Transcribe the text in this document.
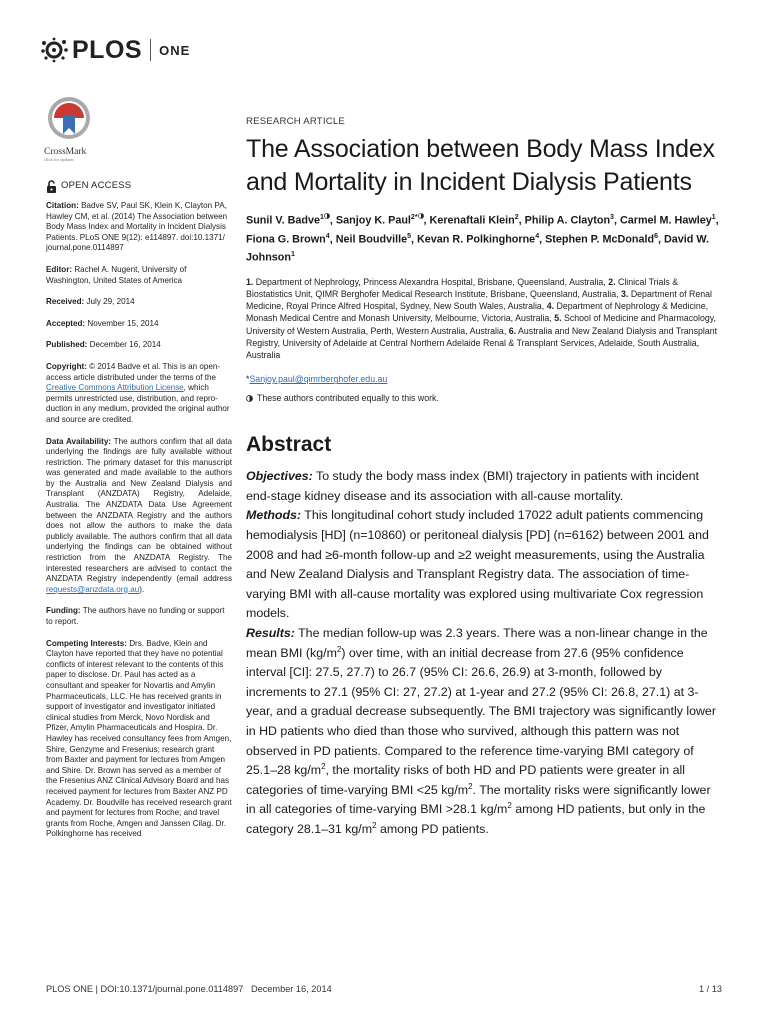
PLOS ONE
CrossMark
click for updates
OPEN ACCESS
Citation: Badve SV, Paul SK, Klein K, Clayton PA, Hawley CM, et al. (2014) The Association between Body Mass Index and Mortality in Incident Dialysis Patients. PLoS ONE 9(12): e114897. doi:10.1371/ journal.pone.0114897
Editor: Rachel A. Nugent, University of Washington, United States of America
Received: July 29, 2014
Accepted: November 15, 2014
Published: December 16, 2014
Copyright: © 2014 Badve et al. This is an open-access article distributed under the terms of the Creative Commons Attribution License, which permits unrestricted use, distribution, and repro- duction in any medium, provided the original author and source are credited.
Data Availability: The authors confirm that all data underlying the findings are fully available without restriction. The primary dataset for this manuscript was generated and made available to the authors by the Australia and New Zealand Dialysis and Transplant (ANZDATA) Registry, Adelaide, Australia. The ANZDATA Data Use Agreement between the ANZDATA Registry and the authors does not allow the authors to make the data publicly available. The authors confirm that all data underlying the findings can be obtained without restriction from the ANZDATA Registry. The interested researchers are advised to contact the ANZDATA Registry independently (email address requests@anzdata.org.au).
Funding: The authors have no funding or support to report.
Competing Interests: Drs. Badve, Klein and Clayton have reported that they have no potential conflicts of interest relevant to the contents of this paper to disclose. Dr. Paul has acted as a consultant and speaker for Novartis and Amylin Pharmaceuticals, LLC. He has received grants in support of investigator and investigator initiated clinical studies from Merck, Novo Nordisk and Pfizer, Amylin Pharmaceuticals and Hospira. Dr. Hawley has received consultancy fees from Amgen, Shire, Genzyme and Fresenius; research grant from Baxter and payment for lectures from Amgen and Shire. Dr. Brown has served as a member of the Fresenius ANZ Clinical Advisory Board and has received payment for lectures from Baxter ANZ PD Academy. Dr. Boudville has received research grant and payment for lectures from Roche; and travel grants from Roche, Amgen and Janssen Cilag. Dr. Polkinghorne has received
RESEARCH ARTICLE
The Association between Body Mass Index and Mortality in Incident Dialysis Patients
Sunil V. Badve$^1$ , Sanjoy K. Paul$^{2*}$ , Kerenaftali Klein$^2$, Philip A. Clayton$^3$, Carmel M. Hawley$^1$, Fiona G. Brown$^4$, Neil Boudville$^5$, Kevan R. Polkinghorne$^4$, Stephen P. McDonald$^6$, David W. Johnson$^1$
1. Department of Nephrology, Princess Alexandra Hospital, Brisbane, Queensland, Australia, 2. Clinical Trials & Biostatistics Unit, QIMR Berghofer Medical Research Institute, Brisbane, Queensland, Australia, 3. Department of Renal Medicine, Royal Prince Alfred Hospital, Sydney, New South Wales, Australia, 4. Department of Nephrology & Medicine, Monash Medical Centre and Monash University, Melbourne, Victoria, Australia, 5. School of Medicine and Pharmacology, University of Western Australia, Perth, Western Australia, Australia, 6. Australia and New Zealand Dialysis and Transplant Registry, University of Adelaide at Central Northern Adelaide Renal & Transplant Services, Adelaide, South Australia, Australia
*Sanjoy.paul@qimrberghofer.edu.au
These authors contributed equally to this work.
Abstract

Objectives: To study the body mass index (BMI) trajectory in patients with incident end-stage kidney disease and its association with all-cause mortality.

Methods: This longitudinal cohort study included 17022 adult patients commencing hemodialysis [HD] (n=10860) or peritoneal dialysis [PD] (n=6162) between 2001 and 2008 and had ≥6-month follow-up and ≥2 weight measurements, using the Australia and New Zealand Dialysis and Transplant Registry data. The association of time-varying BMI with all-cause mortality was explored using multivariate Cox regression models.

Results: The median follow-up was 2.3 years. There was a non-linear change in the mean BMI $(kg/m^2)$ over time, with an initial decrease from 27.6 (95% confidence interval [CI]: 27.5, 27.7) to 26.7 (95% CI: 26.6, 26.9) at 3-month, followed by increments to 27.1 (95% CI: 27, 27.2) at 1-year and 27.2 (95% CI: 26.8, 27.1) at 3-year, and a gradual decrease subsequently. The BMI trajectory was significantly lower in HD patients who died than those who survived, although this pattern was not observed in PD patients. Compared to the reference time-varying BMI category of 25.1–28 $kg/m^2$, the mortality risks of both HD and PD patients were greater in all categories of time-varying BMI <25 $kg/m^2$. The mortality risks were significantly lower in all categories of time-varying BMI >28.1 $kg/m^2$ among HD patients, but only in the category 28.1–31 $kg/m^2$ among PD patients.

PLOS ONE | DOI:10.1371/journal.pone.0114897   December 16, 2014	1 / 13
